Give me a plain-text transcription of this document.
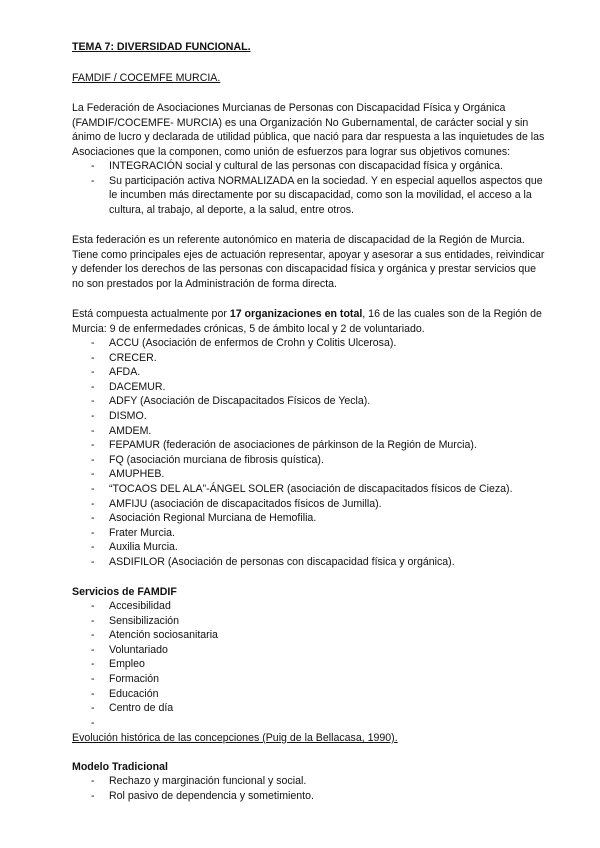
TEMA 7: DIVERSIDAD FUNCIONAL.
FAMDIF / COCEMFE MURCIA.

La Federación de Asociaciones Murcianas de Personas con Discapacidad Física y Orgánica (FAMDIF/COCEMFE- MURCIA) es una Organización No Gubernamental, de carácter social y sin ánimo de lucro y declarada de utilidad pública, que nació para dar respuesta a las inquietudes de las Asociaciones que la componen, como unión de esfuerzos para lograr sus objetivos comunes:

- INTEGRACIÓN social y cultural de las personas con discapacidad física y orgánica.
- Su participación activa NORMALIZADA en la sociedad. Y en especial aquellos aspectos que le incumben más directamente por su discapacidad, como son la movilidad, el acceso a la cultura, al trabajo, al deporte, a la salud, entre otros.

Esta federación es un referente autonómico en materia de discapacidad de la Región de Murcia. Tiene como principales ejes de actuación representar, apoyar y asesorar a sus entidades, reivindicar y defender los derechos de las personas con discapacidad física y orgánica y prestar servicios que no son prestados por la Administración de forma directa.

Está compuesta actualmente por 17 organizaciones en total, 16 de las cuales son de la Región de Murcia: 9 de enfermedades crónicas, 5 de ámbito local y 2 de voluntariado.

- ACCU (Asociación de enfermos de Crohn y Colitis Ulcerosa).
- CRECER.
- AFDA.
- DACEMUR.
- ADFY (Asociación de Discapacitados Físicos de Yecla).
- DISMO.
- AMDEM.
- FEPAMUR (federación de asociaciones de párkinson de la Región de Murcia).
- FQ (asociación murciana de fibrosis quística).
- AMUPHEB.
- “TOCAOS DEL ALA”-ÁNGEL SOLER (asociación de discapacitados físicos de Cieza).
- AMFIJU (asociación de discapacitados físicos de Jumilla).
- Asociación Regional Murciana de Hemofilia.
- Frater Murcia.
- Auxilia Murcia.
- ASDIFILOR (Asociación de personas con discapacidad física y orgánica).
Servicios de FAMDIF
- Accesibilidad
- Sensibilización
- Atención sociosanitaria
- Voluntariado
- Empleo
- Formación
- Educación
- Centro de día
-
Evolución histórica de las concepciones (Puig de la Bellacasa, 1990).
Modelo Tradicional
- Rechazo y marginación funcional y social.
- Rol pasivo de dependencia y sometimiento.
